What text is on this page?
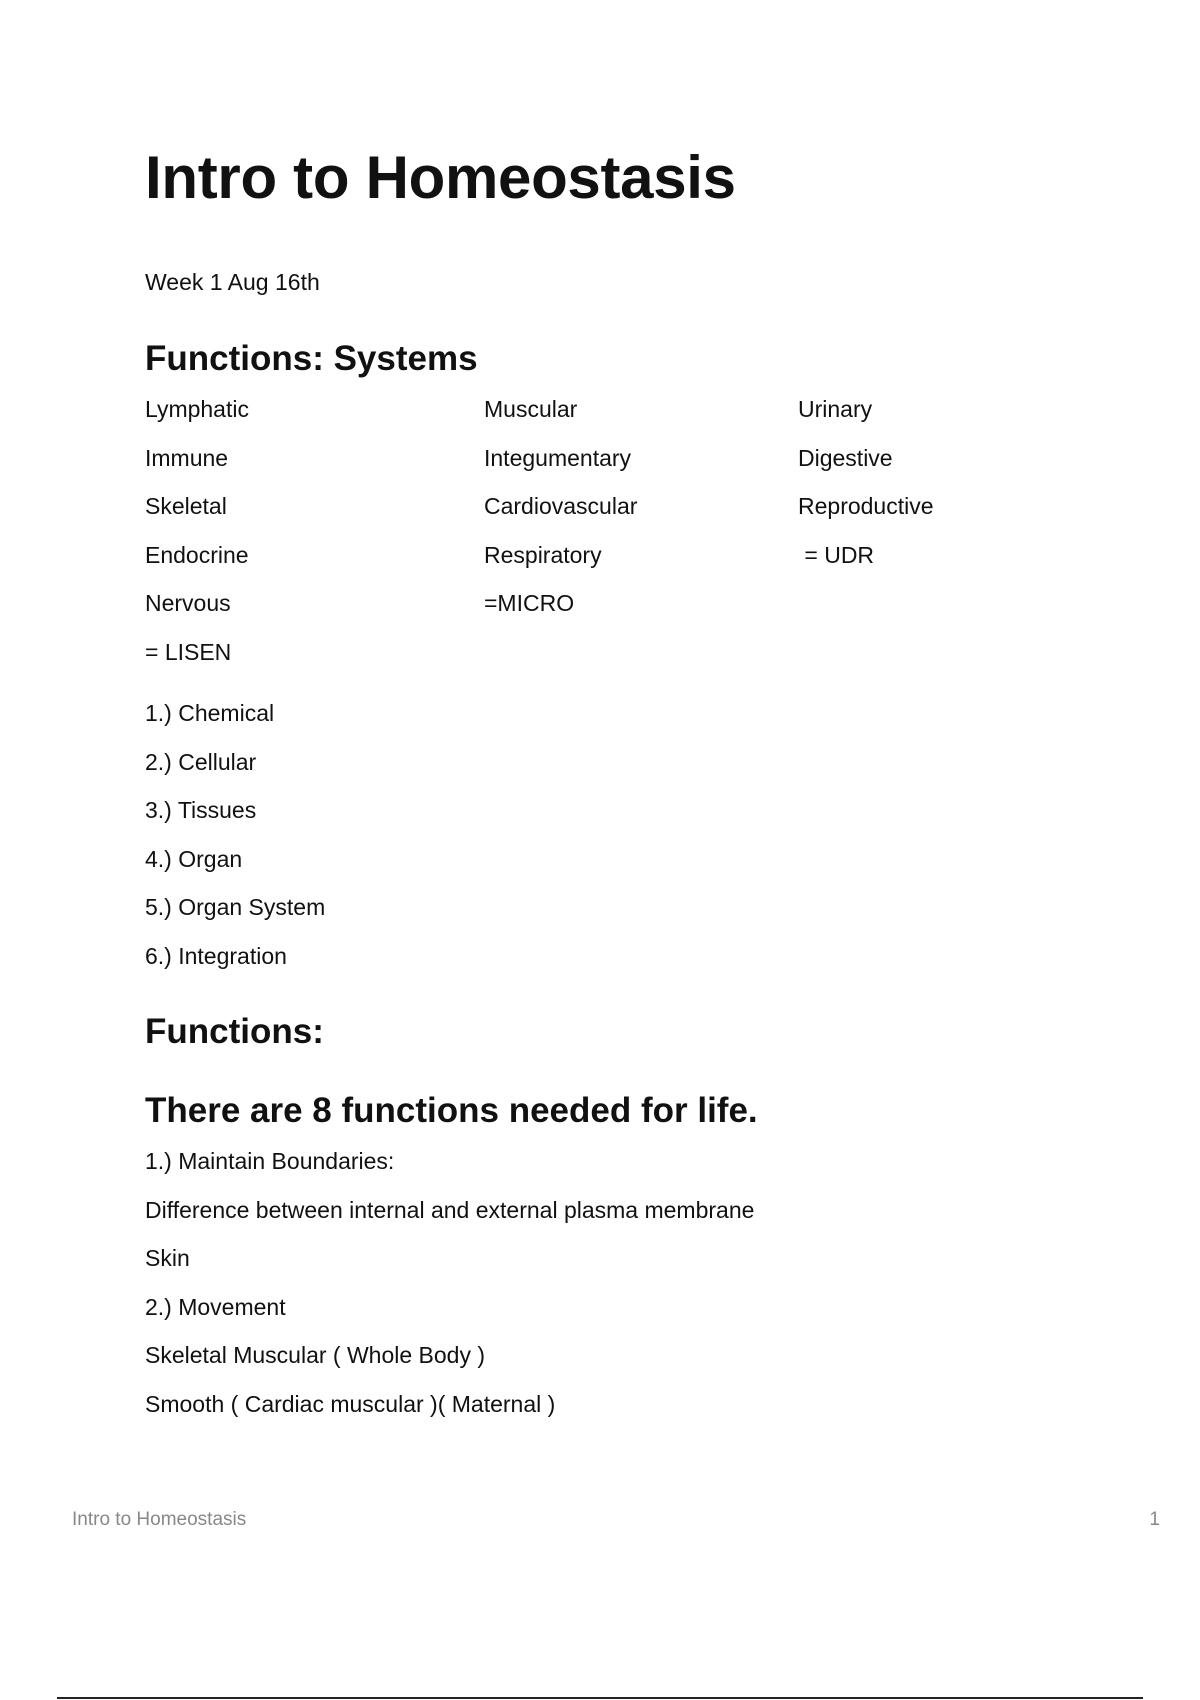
Intro to Homeostasis
Week 1 Aug 16th
Functions: Systems
Lymphatic
Immune
Skeletal
Endocrine
Nervous
= LISEN
Muscular
Integumentary
Cardiovascular
Respiratory
=MICRO
Urinary
Digestive
Reproductive
= UDR
1.) Chemical
2.) Cellular
3.) Tissues
4.) Organ
5.) Organ System
6.) Integration
Functions:
There are 8 functions needed for life.
1.) Maintain Boundaries:
Difference between internal and external plasma membrane
Skin
2.) Movement
Skeletal Muscular ( Whole Body )
Smooth ( Cardiac muscular )( Maternal )
Intro to Homeostasis	1
